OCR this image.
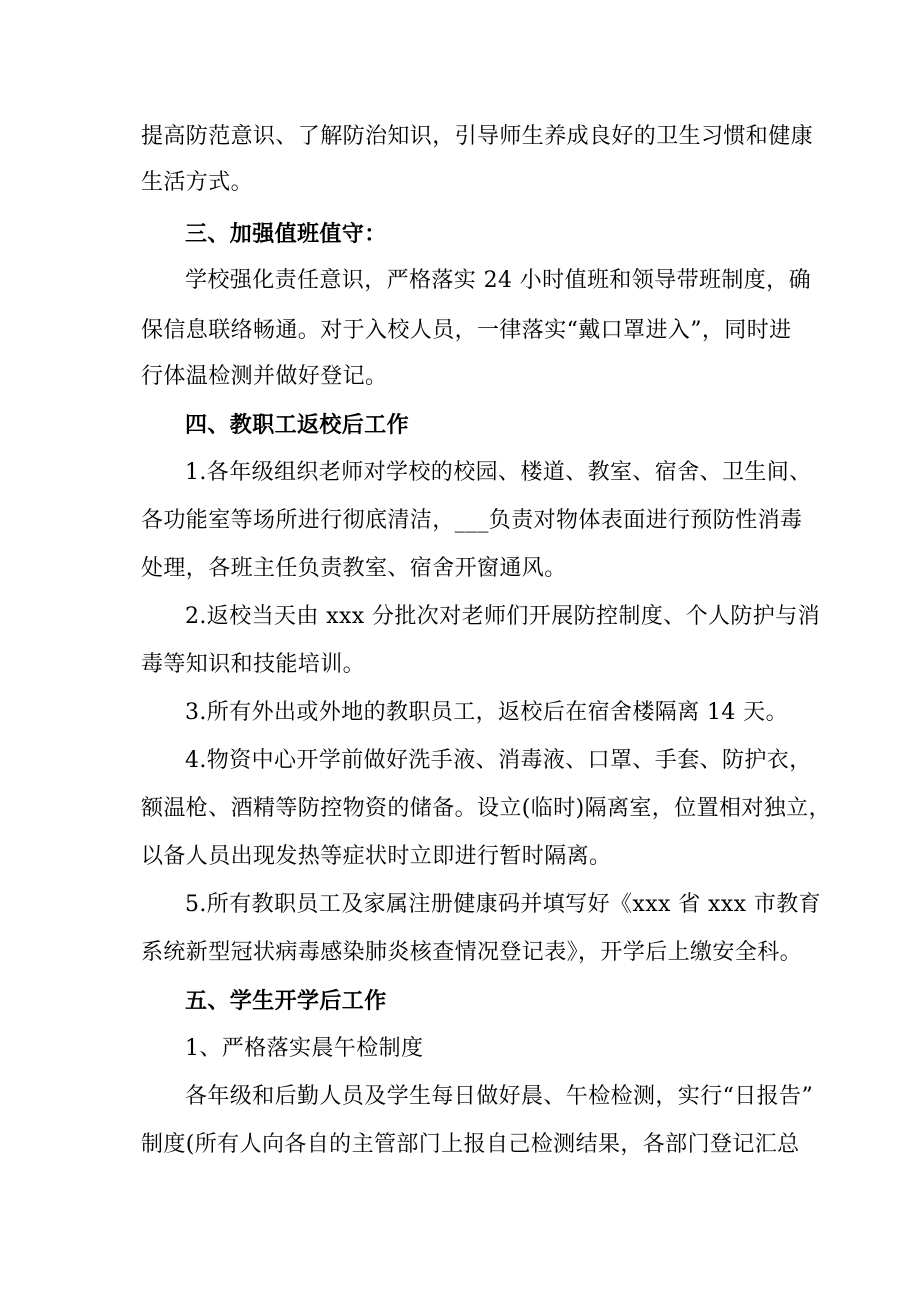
提高防范意识、了解防治知识，引导师生养成良好的卫生习惯和健康
生活方式。
三、加强值班值守：
学校强化责任意识，严格落实 24 小时值班和领导带班制度，确
保信息联络畅通。对于入校人员，一律落实“戴口罩进入”，同时进
行体温检测并做好登记。
四、教职工返校后工作
1.各年级组织老师对学校的校园、楼道、教室、宿舍、卫生间、
各功能室等场所进行彻底清洁，___负责对物体表面进行预防性消毒
处理，各班主任负责教室、宿舍开窗通风。
2.返校当天由 xxx 分批次对老师们开展防控制度、个人防护与消
毒等知识和技能培训。
3.所有外出或外地的教职员工，返校后在宿舍楼隔离 14 天。
4.物资中心开学前做好洗手液、消毒液、口罩、手套、防护衣，
额温枪、酒精等防控物资的储备。设立(临时)隔离室，位置相对独立，
以备人员出现发热等症状时立即进行暂时隔离。
5.所有教职员工及家属注册健康码并填写好《xxx 省 xxx 市教育
系统新型冠状病毒感染肺炎核查情况登记表》，开学后上缴安全科。
五、学生开学后工作
1、严格落实晨午检制度
各年级和后勤人员及学生每日做好晨、午检检测，实行“日报告”
制度(所有人向各自的主管部门上报自己检测结果，各部门登记汇总
